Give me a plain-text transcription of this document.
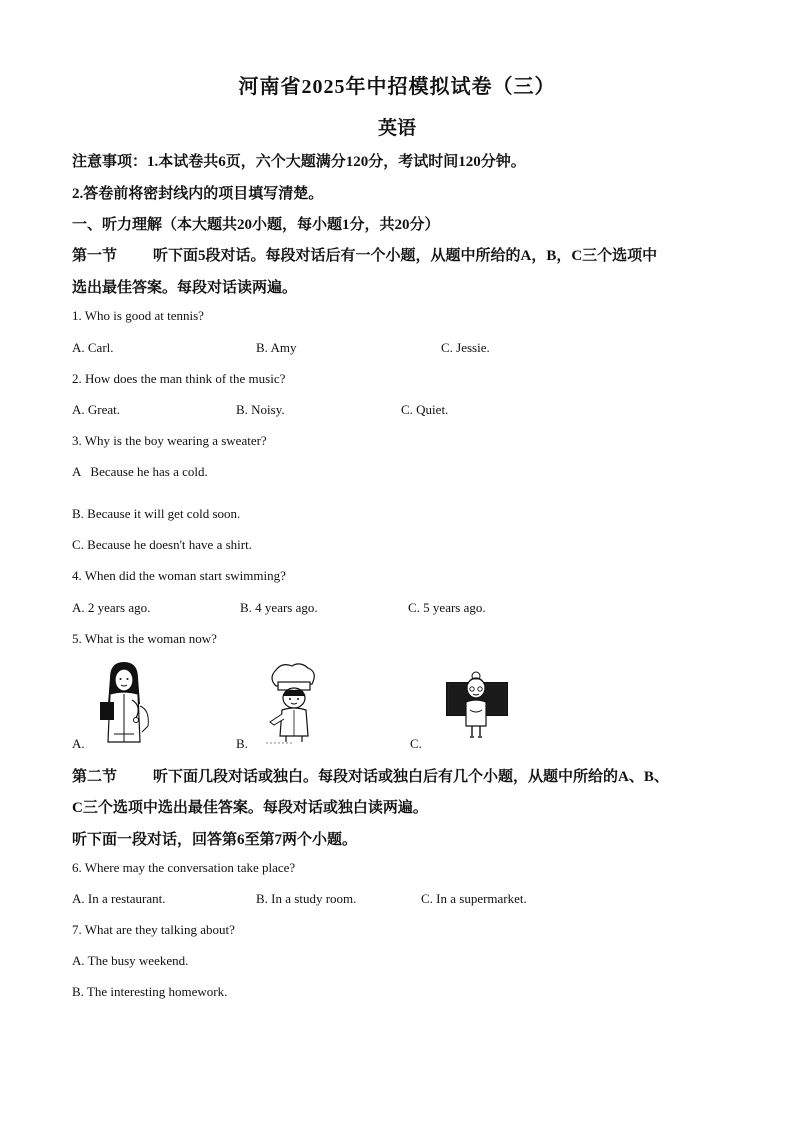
河南省2025年中招模拟试卷（三）
英语
注意事项：1.本试卷共6页，六个大题满分120分，考试时间120分钟。
2.答卷前将密封线内的项目填写清楚。
一、听力理解（本大题共20小题，每小题1分，共20分）
第一节 听下面5段对话。每段对话后有一个小题，从题中所给的A，B，C三个选项中
选出最佳答案。每段对话读两遍。
1. Who is good at tennis?
A. Carl.	B. Amy	C. Jessie.
2. How does the man think of the music?
A. Great.	B. Noisy.	C. Quiet.
3. Why is the boy wearing a sweater?
A   Because he has a cold.
B. Because it will get cold soon.
C. Because he doesn't have a shirt.
4. When did the woman start swimming?
A. 2 years ago.	B. 4 years ago.	C. 5 years ago.
5. What is the woman now?
A.	B.	C.
第二节 听下面几段对话或独白。每段对话或独白后有几个小题，从题中所给的A、B、
C三个选项中选出最佳答案。每段对话或独白读两遍。
听下面一段对话，回答第6至第7两个小题。
6. Where may the conversation take place?
A. In a restaurant.	B. In a study room.	C. In a supermarket.
7. What are they talking about?
A. The busy weekend.
B. The interesting homework.
